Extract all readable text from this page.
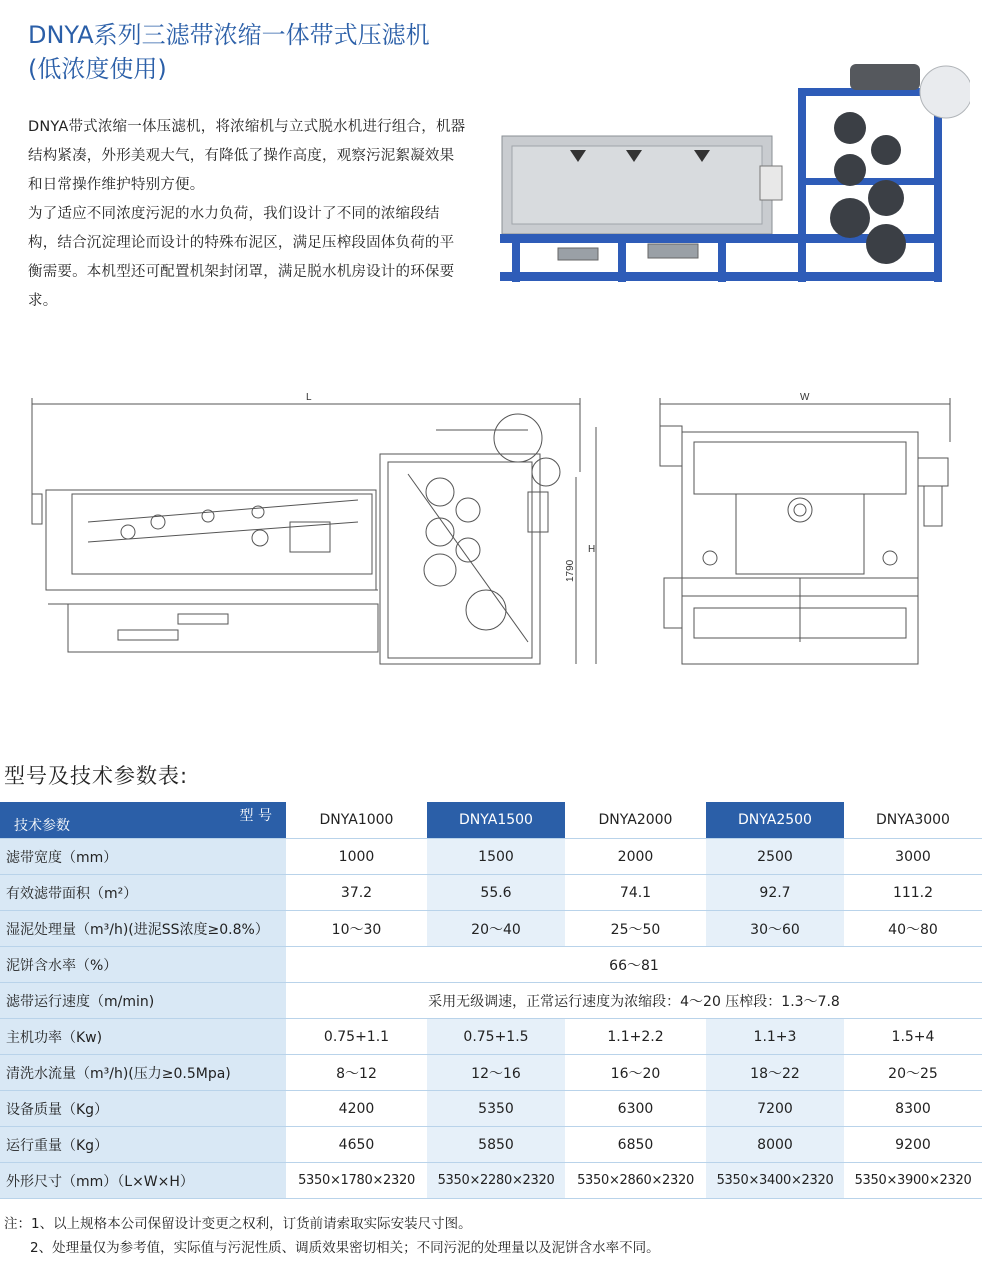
DNYA系列三滤带浓缩一体带式压滤机
(低浓度使用)

DNYA带式浓缩一体压滤机，将浓缩机与立式脱水机进行组合，机器结构紧凑，外形美观大气，有降低了操作高度，观察污泥絮凝效果和日常操作维护特别方便。

为了适应不同浓度污泥的水力负荷，我们设计了不同的浓缩段结构，结合沉淀理论而设计的特殊布泥区，满足压榨段固体负荷的平衡需要。本机型还可配置机架封闭罩，满足脱水机房设计的环保要求。

L
H
1790
W
型号及技术参数表:
型 号
技术参数	DNYA1000	DNYA1500	DNYA2000	DNYA2500	DNYA3000
滤带宽度（mm）	1000	1500	2000	2500	3000
有效滤带面积（m²）	37.2	55.6	74.1	92.7	111.2
湿泥处理量（m³/h)(进泥SS浓度≥0.8%）	10～30	20～40	25～50	30～60	40～80
泥饼含水率（%）	66～81				
滤带运行速度（m/min)	采用无级调速，正常运行速度为浓缩段：4～20 压榨段：1.3～7.8				
主机功率（Kw)	0.75+1.1	0.75+1.5	1.1+2.2	1.1+3	1.5+4
清洗水流量（m³/h)(压力≥0.5Mpa)	8～12	12～16	16～20	18～22	20～25
设备质量（Kg）	4200	5350	6300	7200	8300
运行重量（Kg）	4650	5850	6850	8000	9200
外形尺寸（mm）（L×W×H）	5350×1780×2320	5350×2280×2320	5350×2860×2320	5350×3400×2320	5350×3900×2320
注：1、以上规格本公司保留设计变更之权利，订货前请索取实际安装尺寸图。
2、处理量仅为参考值，实际值与污泥性质、调质效果密切相关；不同污泥的处理量以及泥饼含水率不同。
